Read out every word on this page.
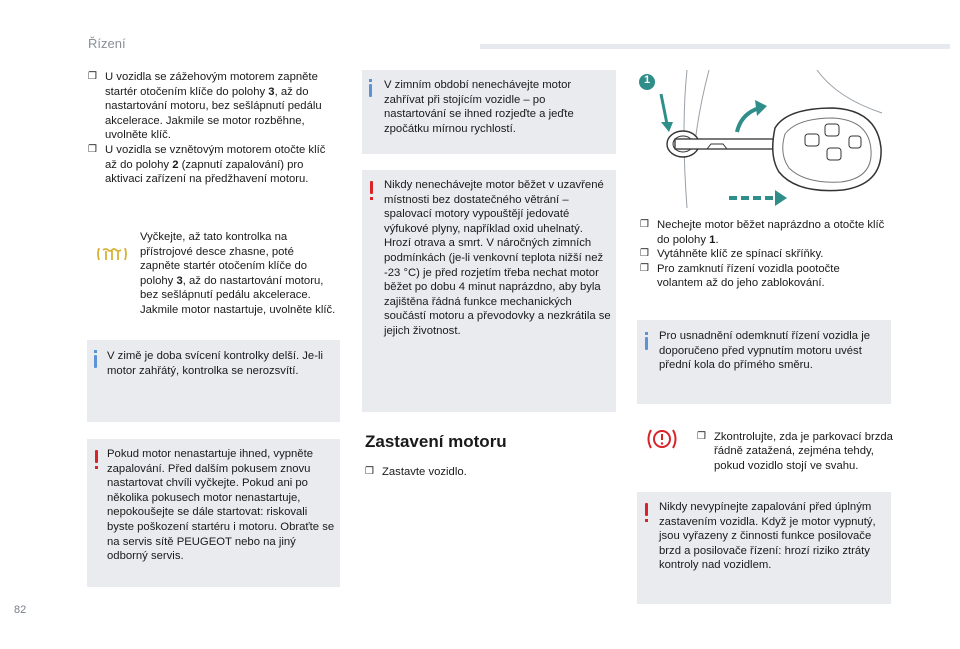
Řízení
❒ U vozidla se zážehovým motorem zapněte startér otočením klíče do polohy 3, až do nastartování motoru, bez sešlápnutí pedálu akcelerace. Jakmile se motor rozběhne, uvolněte klíč.
❒ U vozidla se vznětovým motorem otočte klíč až do polohy 2 (zapnutí zapalování) pro aktivaci zařízení na předžhavení motoru.
Vyčkejte, až tato kontrolka na přístrojové desce zhasne, poté zapněte startér otočením klíče do polohy 3, až do nastartování motoru, bez sešlápnutí pedálu akcelerace. Jakmile motor nastartuje, uvolněte klíč.
V zimě je doba svícení kontrolky delší. Je-li motor zahřátý, kontrolka se nerozsvítí.
Pokud motor nenastartuje ihned, vypněte zapalování. Před dalším pokusem znovu nastartovat chvíli vyčkejte. Pokud ani po několika pokusech motor nenastartuje, nepokoušejte se dále startovat: riskovali byste poškození startéru i motoru. Obraťte se na servis sítě PEUGEOT nebo na jiný odborný servis.
V zimním období nenechávejte motor zahřívat při stojícím vozidle – po nastartování se ihned rozjeďte a jeďte zpočátku mírnou rychlostí.
Nikdy nenechávejte motor běžet v uzavřené místnosti bez dostatečného větrání – spalovací motory vypouštějí jedovaté výfukové plyny, například oxid uhelnatý. Hrozí otrava a smrt. V náročných zimních podmínkách (je-li venkovní teplota nižší než -23 °C) je před rozjetím třeba nechat motor běžet po dobu 4 minut naprázdno, aby byla zajištěna řádná funkce mechanických součástí motoru a převodovky a nezkrátila se jejich životnost.
Zastavení motoru
❒ Zastavte vozidlo.
1
❒ Nechejte motor běžet naprázdno a otočte klíč do polohy 1.
❒ Vytáhněte klíč ze spínací skříňky.
❒ Pro zamknutí řízení vozidla pootočte volantem až do jeho zablokování.
Pro usnadnění odemknutí řízení vozidla je doporučeno před vypnutím motoru uvést přední kola do přímého směru.
❒ Zkontrolujte, zda je parkovací brzda řádně zatažená, zejména tehdy, pokud vozidlo stojí ve svahu.
Nikdy nevypínejte zapalování před úplným zastavením vozidla. Když je motor vypnutý, jsou vyřazeny z činnosti funkce posilovače brzd a posilovače řízení: hrozí riziko ztráty kontroly nad vozidlem.
82
